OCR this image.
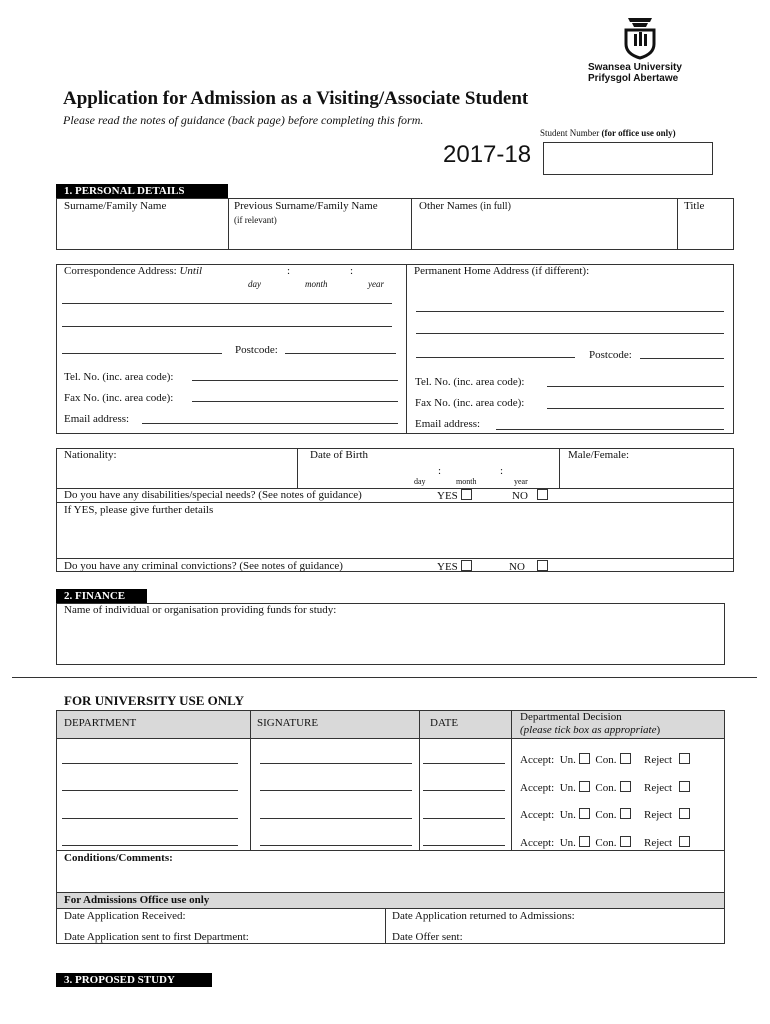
Swansea University
Prifysgol Abertawe
Application for Admission as a Visiting/Associate Student
Please read the notes of guidance (back page) before completing this form.
Student Number (for office use only)
2017-18
1. PERSONAL DETAILS
Surname/Family Name	Previous Surname/Family Name
(if relevant)
Other Names (in full)	Title
Correspondence Address: Until	:	:
day	month	year
Postcode:
Tel. No. (inc. area code):
Fax No. (inc. area code):
Email address:
Permanent Home Address (if different):
Postcode:
Tel. No. (inc. area code):
Fax No. (inc. area code):
Email address:
Nationality:	Date of Birth
:	:
day	month	year
Male/Female:
Do you have any disabilities/special needs? (See notes of guidance)	YES	NO
If YES, please give further details
Do you have any criminal convictions? (See notes of guidance)	YES	NO
2. FINANCE
Name of individual or organisation providing funds for study:
FOR UNIVERSITY USE ONLY
DEPARTMENT	SIGNATURE	DATE	Departmental Decision
(please tick box as appropriate)
Accept: Un. Con.	Reject
Accept: Un. Con.	Reject
Accept: Un. Con.	Reject
Accept: Un. Con.	Reject
Conditions/Comments:
For Admissions Office use only
Date Application Received:	Date Application returned to Admissions:
Date Application sent to first Department:	Date Offer sent:
3. PROPOSED STUDY
